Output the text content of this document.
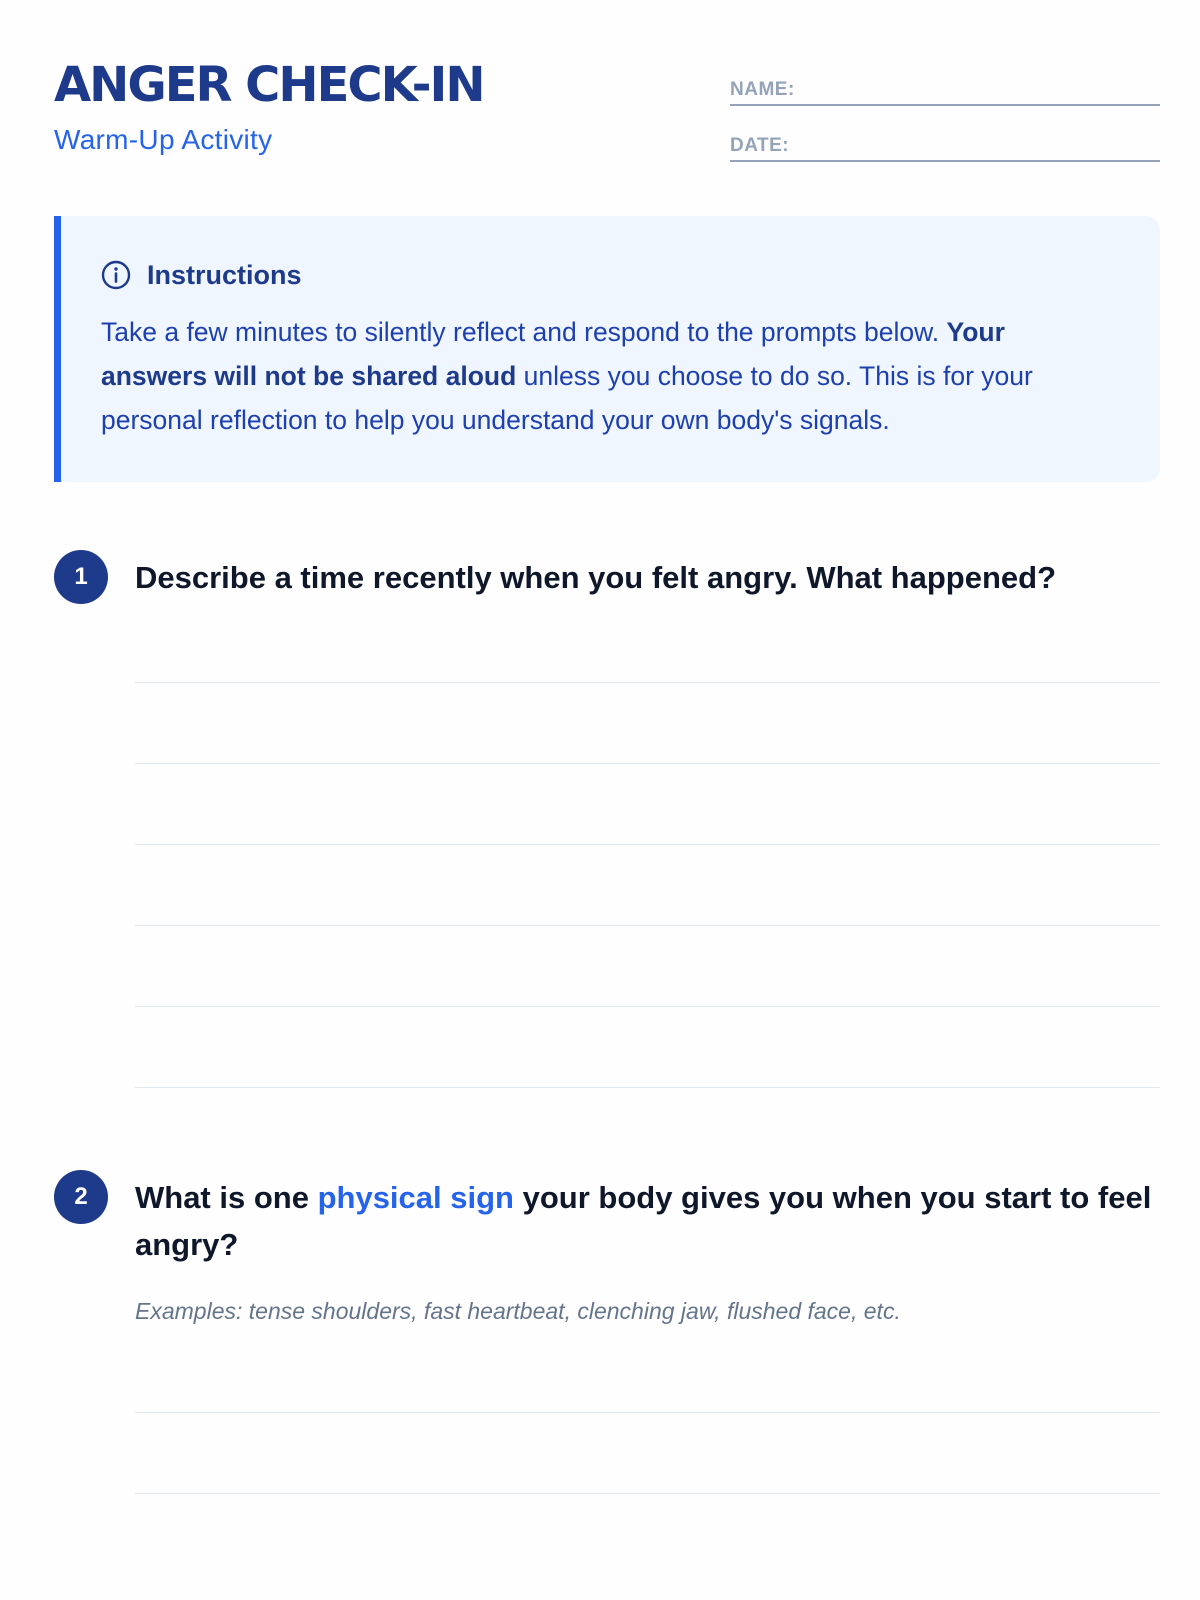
ANGER CHECK-IN
Warm-Up Activity
NAME:
DATE:
Instructions

Take a few minutes to silently reflect and respond to the prompts below. Your answers will not be shared aloud unless you choose to do so. This is for your personal reflection to help you understand your own body's signals.

1	Describe a time recently when you felt angry. What happened?

2	What is one physical sign your body gives you when you start to feel angry?

Examples: tense shoulders, fast heartbeat, clenching jaw, flushed face, etc.
